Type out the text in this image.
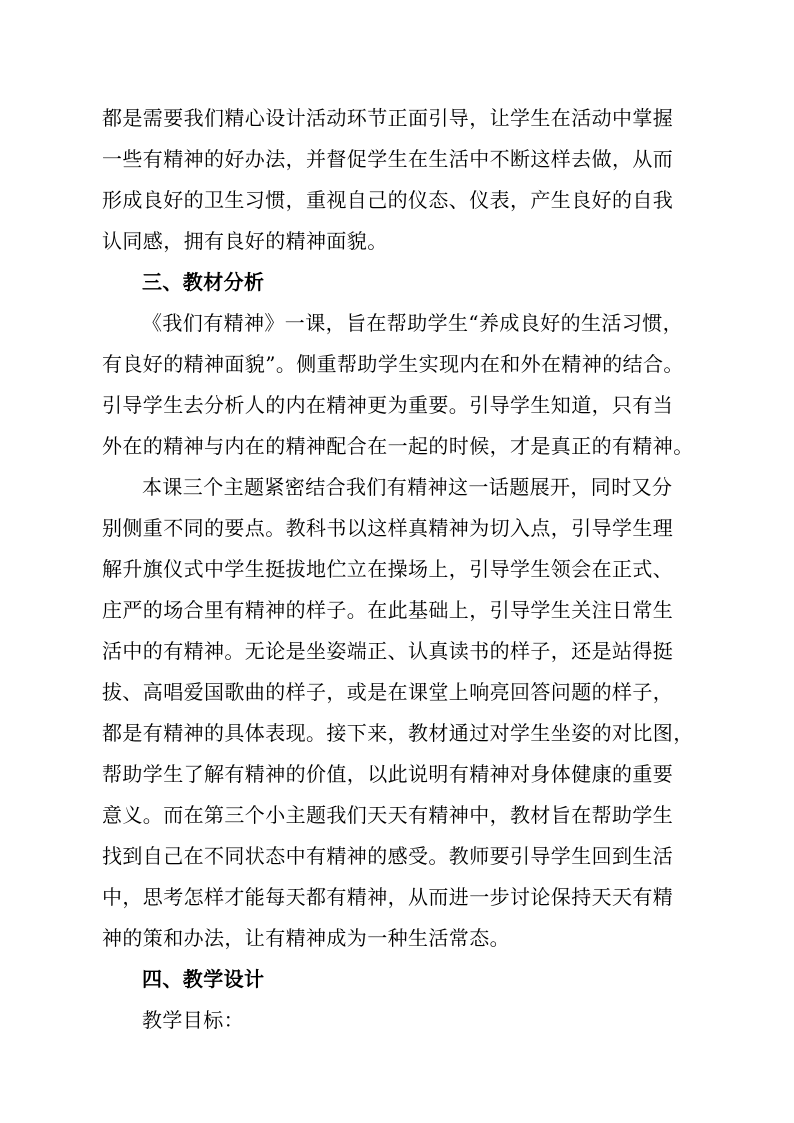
都是需要我们精心设计活动环节正面引导，让学生在活动中掌握
一些有精神的好办法，并督促学生在生活中不断这样去做，从而
形成良好的卫生习惯，重视自己的仪态、仪表，产生良好的自我
认同感，拥有良好的精神面貌。
三、教材分析
《我们有精神》一课，旨在帮助学生“养成良好的生活习惯，
有良好的精神面貌”。侧重帮助学生实现内在和外在精神的结合。
引导学生去分析人的内在精神更为重要。引导学生知道，只有当
外在的精神与内在的精神配合在一起的时候，才是真正的有精神。
本课三个主题紧密结合我们有精神这一话题展开，同时又分
别侧重不同的要点。教科书以这样真精神为切入点，引导学生理
解升旗仪式中学生挺拔地伫立在操场上，引导学生领会在正式、
庄严的场合里有精神的样子。在此基础上，引导学生关注日常生
活中的有精神。无论是坐姿端正、认真读书的样子，还是站得挺
拔、高唱爱国歌曲的样子，或是在课堂上响亮回答问题的样子，
都是有精神的具体表现。接下来，教材通过对学生坐姿的对比图，
帮助学生了解有精神的价值，以此说明有精神对身体健康的重要
意义。而在第三个小主题我们天天有精神中，教材旨在帮助学生
找到自己在不同状态中有精神的感受。教师要引导学生回到生活
中，思考怎样才能每天都有精神，从而进一步讨论保持天天有精
神的策和办法，让有精神成为一种生活常态。
四、教学设计
教学目标：
